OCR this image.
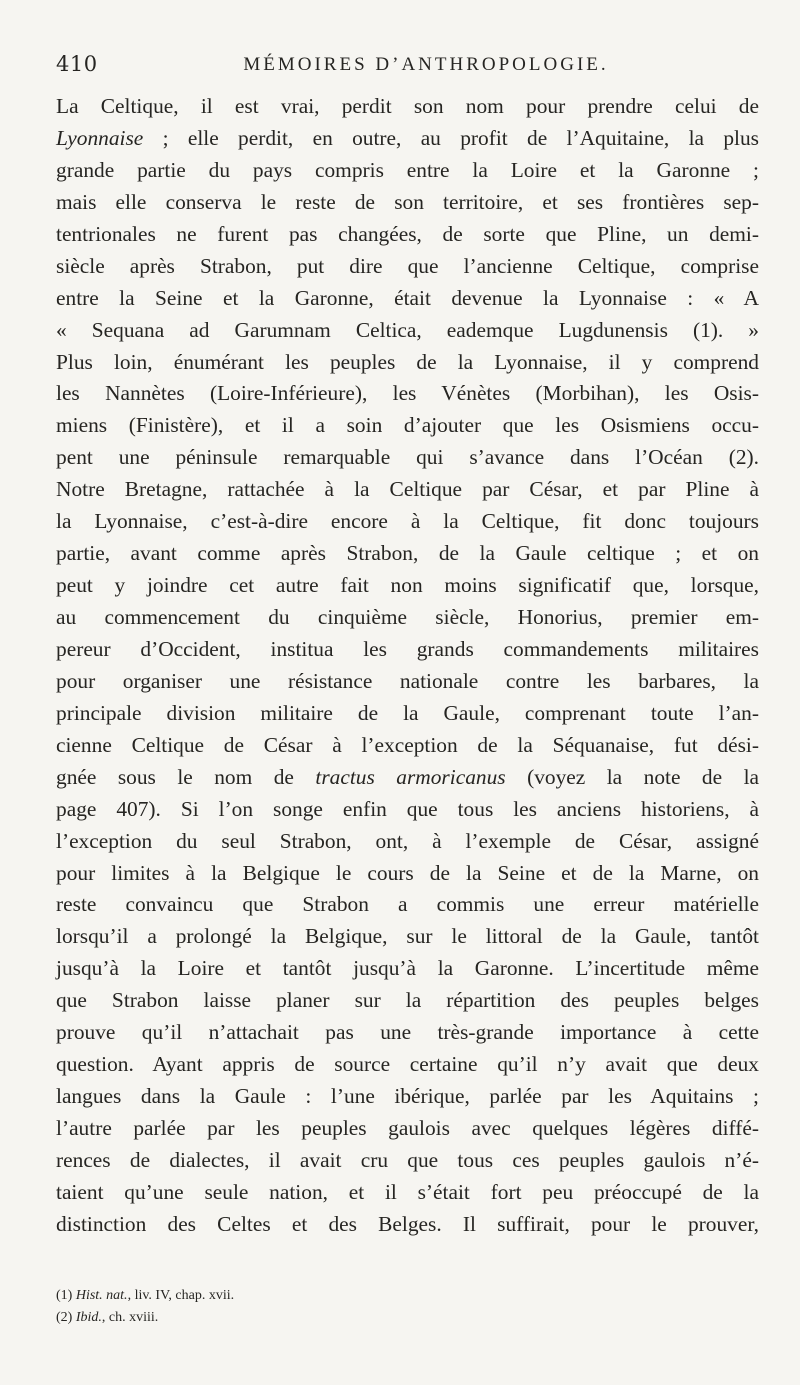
410	MÉMOIRES D’ANTHROPOLOGIE.
La Celtique, il est vrai, perdit son nom pour prendre celui de
Lyonnaise ; elle perdit, en outre, au profit de l’Aquitaine, la plus
grande partie du pays compris entre la Loire et la Garonne ;
mais elle conserva le reste de son territoire, et ses frontières sep-
tentrionales ne furent pas changées, de sorte que Pline, un demi-
siècle après Strabon, put dire que l’ancienne Celtique, comprise
entre la Seine et la Garonne, était devenue la Lyonnaise : « A
« Sequana ad Garumnam Celtica, eademque Lugdunensis (1). »
Plus loin, énumérant les peuples de la Lyonnaise, il y comprend
les Nannètes (Loire-Inférieure), les Vénètes (Morbihan), les Osis-
miens (Finistère), et il a soin d’ajouter que les Osismiens occu-
pent une péninsule remarquable qui s’avance dans l’Océan (2).
Notre Bretagne, rattachée à la Celtique par César, et par Pline à
la Lyonnaise, c’est-à-dire encore à la Celtique, fit donc toujours
partie, avant comme après Strabon, de la Gaule celtique ; et on
peut y joindre cet autre fait non moins significatif que, lorsque,
au commencement du cinquième siècle, Honorius, premier em-
pereur d’Occident, institua les grands commandements militaires
pour organiser une résistance nationale contre les barbares, la
principale division militaire de la Gaule, comprenant toute l’an-
cienne Celtique de César à l’exception de la Séquanaise, fut dési-
gnée sous le nom de tractus armoricanus (voyez la note de la
page 407). Si l’on songe enfin que tous les anciens historiens, à
l’exception du seul Strabon, ont, à l’exemple de César, assigné
pour limites à la Belgique le cours de la Seine et de la Marne, on
reste convaincu que Strabon a commis une erreur matérielle
lorsqu’il a prolongé la Belgique, sur le littoral de la Gaule, tantôt
jusqu’à la Loire et tantôt jusqu’à la Garonne. L’incertitude même
que Strabon laisse planer sur la répartition des peuples belges
prouve qu’il n’attachait pas une très-grande importance à cette
question. Ayant appris de source certaine qu’il n’y avait que deux
langues dans la Gaule : l’une ibérique, parlée par les Aquitains ;
l’autre parlée par les peuples gaulois avec quelques légères diffé-
rences de dialectes, il avait cru que tous ces peuples gaulois n’é-
taient qu’une seule nation, et il s’était fort peu préoccupé de la
distinction des Celtes et des Belges. Il suffirait, pour le prouver,
(1) Hist. nat., liv. IV, chap. xvii.
(2) Ibid., ch. xviii.
